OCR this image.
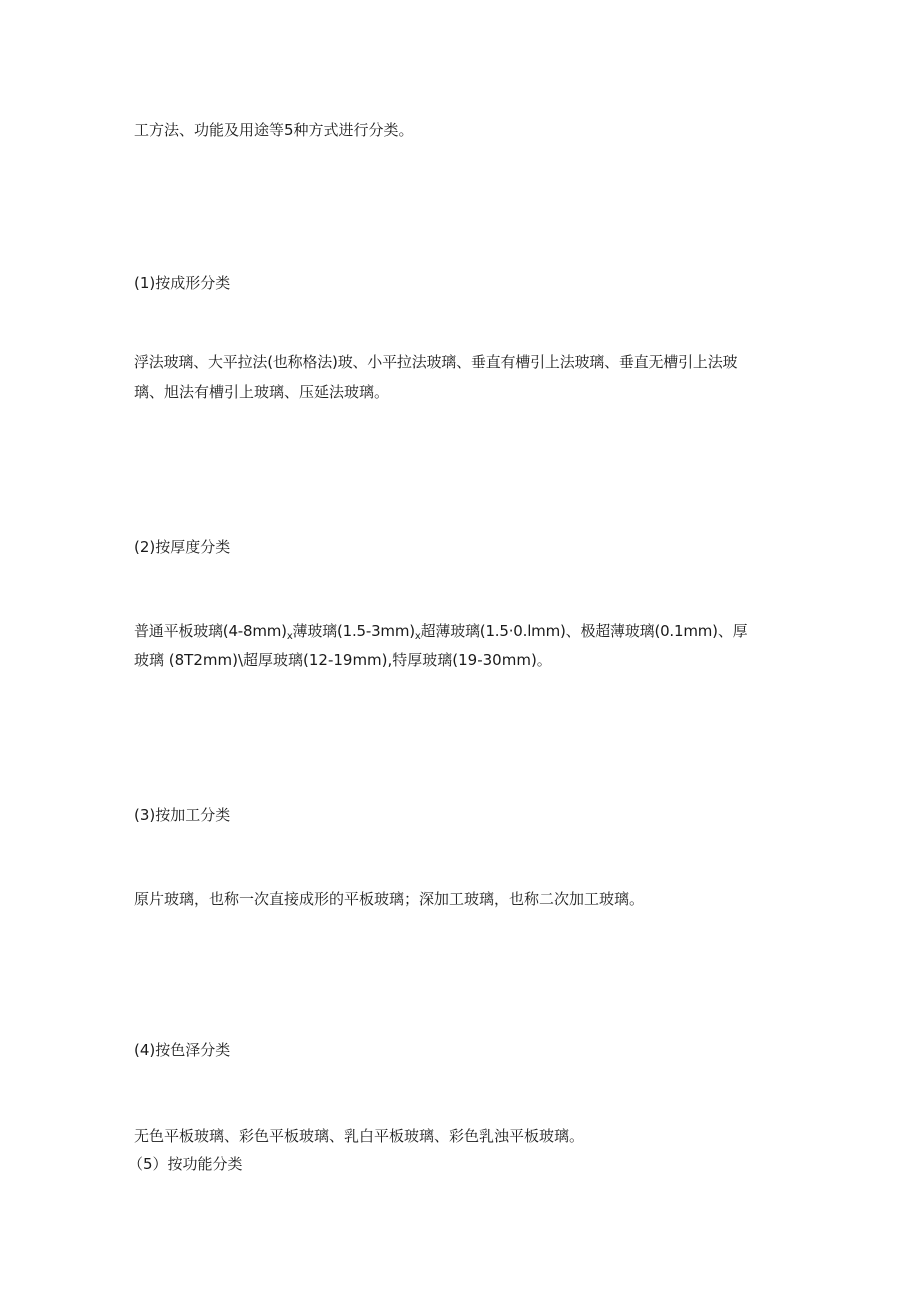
工方法、功能及用途等5种方式进行分类。

(1)按成形分类

浮法玻璃、大平拉法(也称格法)玻、小平拉法玻璃、垂直有槽引上法玻璃、垂直无槽引上法玻

璃、旭法有槽引上玻璃、压延法玻璃。

(2)按厚度分类

普通平板玻璃$(4-8mm)_x$薄玻璃$(1.5-3mm)_x$超薄玻璃(1.5·0.lmm)、极超薄玻璃(0.1mm)、厚

玻璃 (8T2mm)\超厚玻璃(12-19mm),特厚玻璃(19-30mm)。

(3)按加工分类

原片玻璃，也称一次直接成形的平板玻璃；深加工玻璃，也称二次加工玻璃。

(4)按色泽分类

无色平板玻璃、彩色平板玻璃、乳白平板玻璃、彩色乳浊平板玻璃。

（5）按功能分类
